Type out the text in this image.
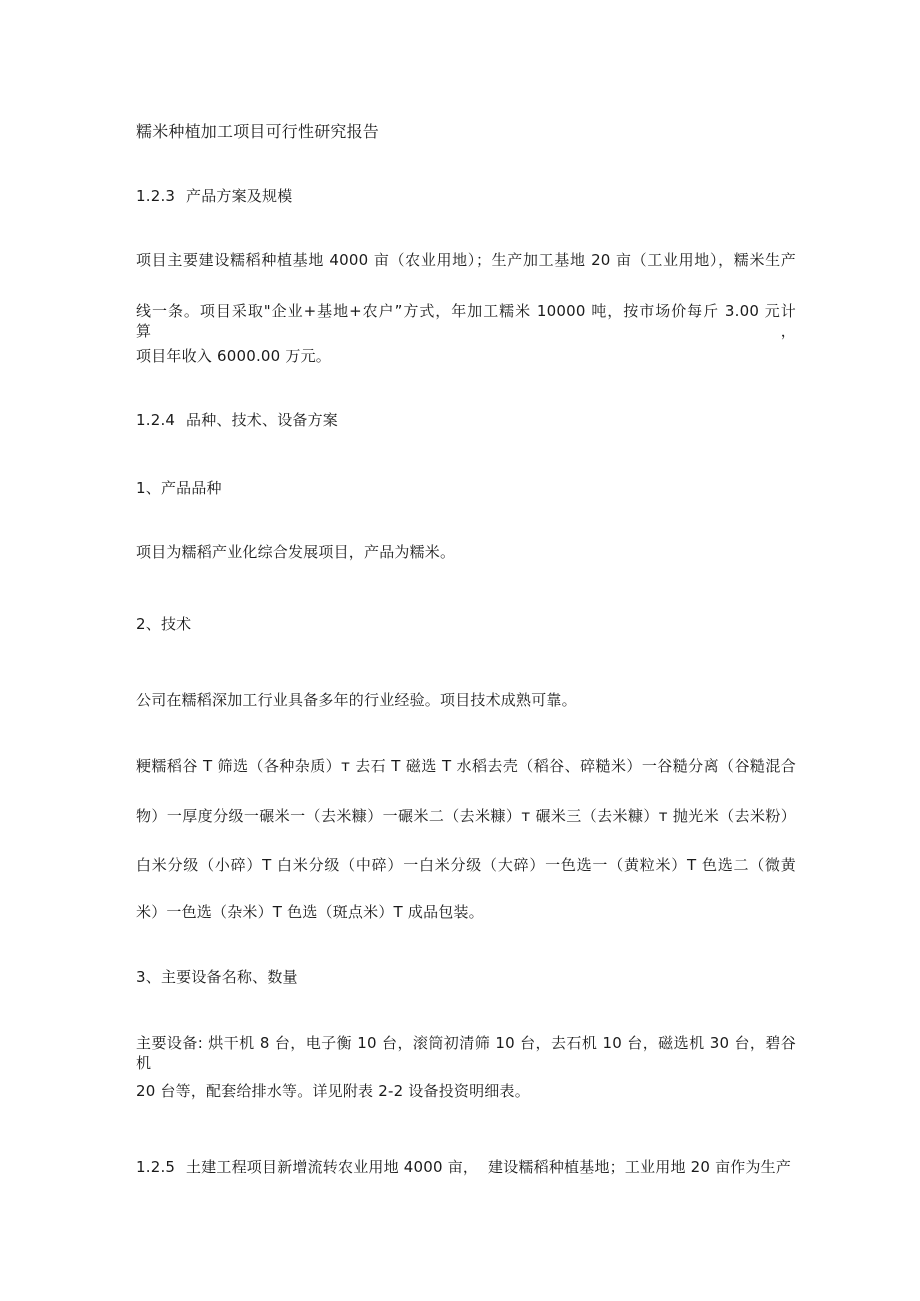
糯米种植加工项目可行性研究报告
1.2.3 产品方案及规模
项目主要建设糯稻种植基地 4000 亩（农业用地）；生产加工基地 20 亩（工业用地），糯米生产
线一条。项目采取"企业+基地+农户”方式，年加工糯米 10000 吨，按市场价每斤 3.00 元计算，
项目年收入 6000.00 万元。
1.2.4 品种、技术、设备方案
1、产品品种
项目为糯稻产业化综合发展项目，产品为糯米。
2、技术
公司在糯稻深加工行业具备多年的行业经验。项目技术成熟可靠。
粳糯稻谷 T 筛选（各种杂质）т 去石 T 磁选 T 水稻去壳（稻谷、碎糙米）一谷糙分离（谷糙混合
物）一厚度分级一碾米一（去米糠）一碾米二（去米糠）т 碾米三（去米糠）т 抛光米（去米粉）
白米分级（小碎）T 白米分级（中碎）一白米分级（大碎）一色选一（黄粒米）T 色选二（微黄
米）一色选（杂米）T 色选（斑点米）T 成品包装。
3、主要设备名称、数量
主要设备: 烘干机 8 台，电子衡 10 台，滚筒初清筛 10 台，去石机 10 台，磁选机 30 台，碧谷机
20 台等，配套给排水等。详见附表 2-2 设备投资明细表。
1.2.5 土建工程项目新增流转农业用地 4000 亩，  建设糯稻种植基地；工业用地 20 亩作为生产
